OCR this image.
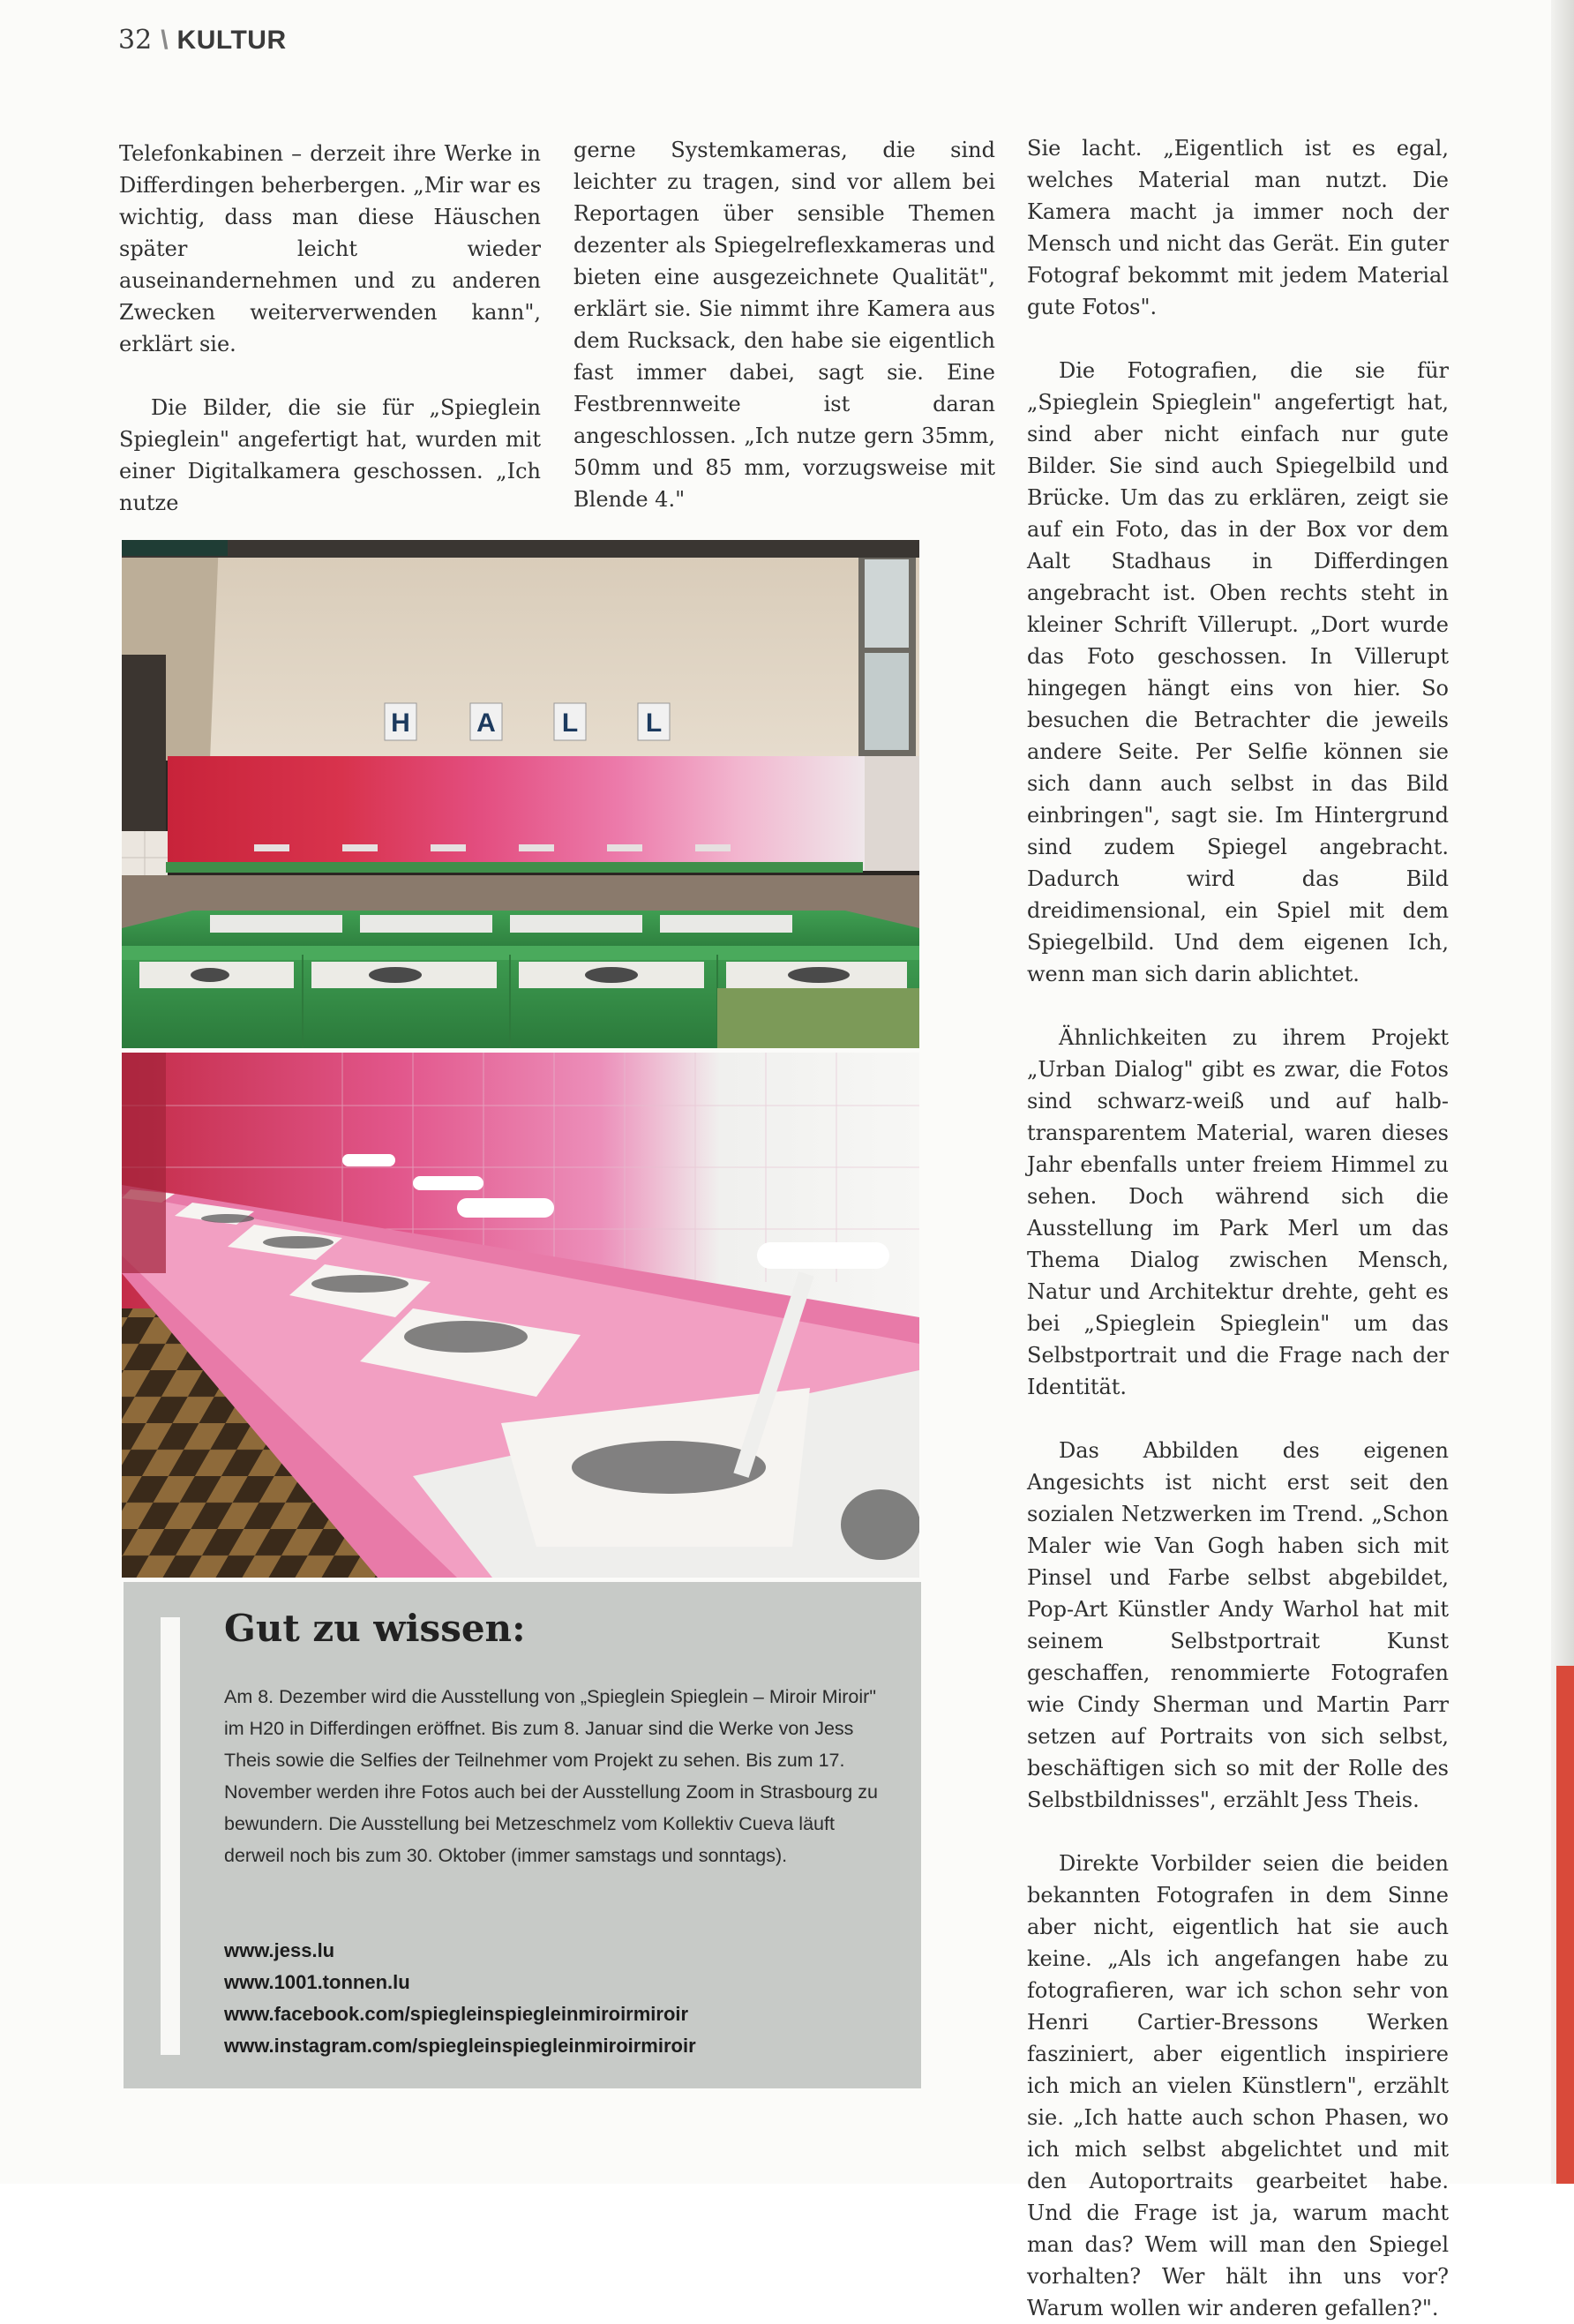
32 \ KULTUR

Telefonkabinen – derzeit ihre Werke in Differdingen beherbergen. „Mir war es wichtig, dass man diese Häuschen später leicht wieder auseinandernehmen und zu anderen Zwecken weiterverwenden kann", erklärt sie.

Die Bilder, die sie für „Spieglein Spieglein" angefertigt hat, wurden mit einer Digitalkamera geschossen. „Ich nutze

gerne Systemkameras, die sind leichter zu tragen, sind vor allem bei Reportagen über sensible Themen dezenter als Spiegelreflexkameras und bieten eine ausgezeichnete Qualität", erklärt sie. Sie nimmt ihre Kamera aus dem Rucksack, den habe sie eigentlich fast immer dabei, sagt sie. Eine Festbrennweite ist daran angeschlossen. „Ich nutze gern 35mm, 50mm und 85 mm, vorzugsweise mit Blende 4."

Sie lacht. „Eigentlich ist es egal, welches Material man nutzt. Die Kamera macht ja immer noch der Mensch und nicht das Gerät. Ein guter Fotograf bekommt mit jedem Material gute Fotos".

Die Fotografien, die sie für „Spieglein Spieglein" angefertigt hat, sind aber nicht einfach nur gute Bilder. Sie sind auch Spiegelbild und Brücke. Um das zu erklären, zeigt sie auf ein Foto, das in der Box vor dem Aalt Stadhaus in Differdingen angebracht ist. Oben rechts steht in kleiner Schrift Villerupt. „Dort wurde das Foto geschossen. In Villerupt hingegen hängt eins von hier. So besuchen die Betrachter die jeweils andere Seite. Per Selfie können sie sich dann auch selbst in das Bild einbringen", sagt sie. Im Hintergrund sind zudem Spiegel angebracht. Dadurch wird das Bild dreidimensional, ein Spiel mit dem Spiegelbild. Und dem eigenen Ich, wenn man sich darin ablichtet.

Ähnlichkeiten zu ihrem Projekt „Urban Dialog" gibt es zwar, die Fotos sind schwarz-weiß und auf halb-transparentem Material, waren dieses Jahr ebenfalls unter freiem Himmel zu sehen. Doch während sich die Ausstellung im Park Merl um das Thema Dialog zwischen Mensch, Natur und Architektur drehte, geht es bei „Spieglein Spieglein" um das Selbstportrait und die Frage nach der Identität.

Das Abbilden des eigenen Angesichts ist nicht erst seit den sozialen Netzwerken im Trend. „Schon Maler wie Van Gogh haben sich mit Pinsel und Farbe selbst abgebildet, Pop-Art Künstler Andy Warhol hat mit seinem Selbstportrait Kunst geschaffen, renommierte Fotografen wie Cindy Sherman und Martin Parr setzen auf Portraits von sich selbst, beschäftigen sich so mit der Rolle des Selbstbildnisses", erzählt Jess Theis.

Direkte Vorbilder seien die beiden bekannten Fotografen in dem Sinne aber nicht, eigentlich hat sie auch keine. „Als ich angefangen habe zu fotografieren, war ich schon sehr von Henri Cartier-Bressons Werken fasziniert, aber eigentlich inspiriere ich mich an vielen Künstlern", erzählt sie. „Ich hatte auch schon Phasen, wo ich mich selbst abgelichtet und mit den Autoportraits gearbeitet habe. Und die Frage ist ja, warum macht man das? Wem will man den Spiegel vorhalten? Wer hält ihn uns vor? Warum wollen wir anderen gefallen?".

H	A	L	L
Gut zu wissen:
Am 8. Dezember wird die Ausstellung von „Spieglein Spieglein – Miroir Miroir" im H20 in Differdingen eröffnet. Bis zum 8. Januar sind die Werke von Jess Theis sowie die Selfies der Teilnehmer vom Projekt zu sehen. Bis zum 17. November werden ihre Fotos auch bei der Ausstellung Zoom in Strasbourg zu bewundern. Die Ausstellung bei Metzeschmelz vom Kollektiv Cueva läuft derweil noch bis zum 30. Oktober (immer samstags und sonntags).
www.jess.lu
www.1001.tonnen.lu
www.facebook.com/spiegleinspiegleinmiroirmiroir
www.instagram.com/spiegleinspiegleinmiroirmiroir
